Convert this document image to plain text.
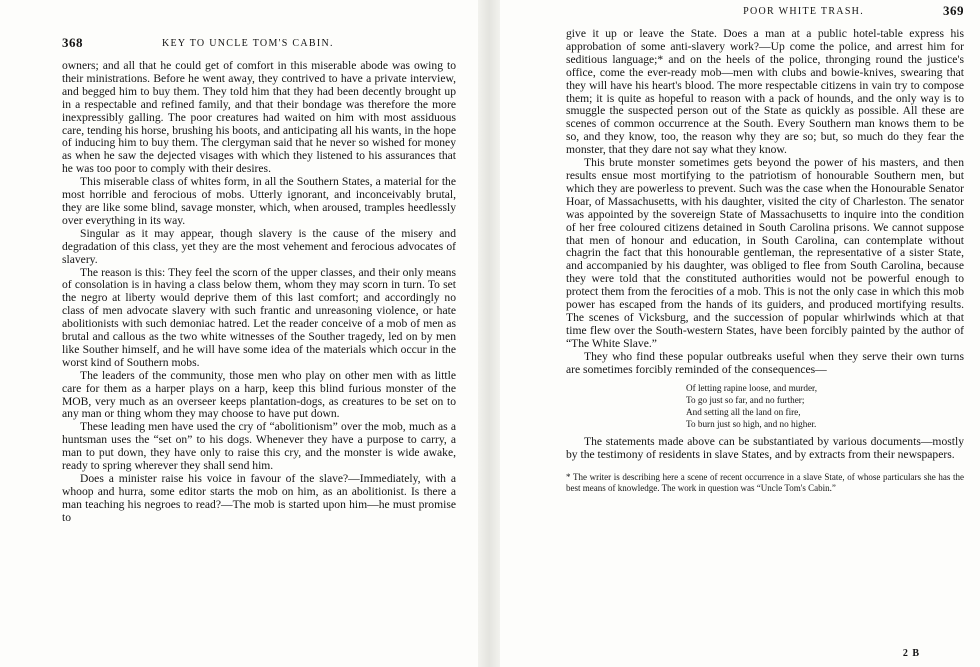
368	KEY TO UNCLE TOM'S CABIN.

owners; and all that he could get of comfort in this miserable abode was owing to their ministrations. Before he went away, they contrived to have a private interview, and begged him to buy them. They told him that they had been decently brought up in a respectable and refined family, and that their bondage was therefore the more inexpressibly galling. The poor creatures had waited on him with most assiduous care, tending his horse, brushing his boots, and anticipating all his wants, in the hope of inducing him to buy them. The clergyman said that he never so wished for money as when he saw the dejected visages with which they listened to his assurances that he was too poor to comply with their desires.

This miserable class of whites form, in all the Southern States, a material for the most horrible and ferocious of mobs. Utterly ignorant, and inconceivably brutal, they are like some blind, savage monster, which, when aroused, tramples heedlessly over everything in its way.

Singular as it may appear, though slavery is the cause of the misery and degradation of this class, yet they are the most vehement and ferocious advocates of slavery.

The reason is this: They feel the scorn of the upper classes, and their only means of consolation is in having a class below them, whom they may scorn in turn. To set the negro at liberty would deprive them of this last comfort; and accordingly no class of men advocate slavery with such frantic and unreasoning violence, or hate abolitionists with such demoniac hatred. Let the reader conceive of a mob of men as brutal and callous as the two white witnesses of the Souther tragedy, led on by men like Souther himself, and he will have some idea of the materials which occur in the worst kind of Southern mobs.

The leaders of the community, those men who play on other men with as little care for them as a harper plays on a harp, keep this blind furious monster of the MOB, very much as an overseer keeps plantation-dogs, as creatures to be set on to any man or thing whom they may choose to have put down.

These leading men have used the cry of “abolitionism” over the mob, much as a huntsman uses the “set on” to his dogs. Whenever they have a purpose to carry, a man to put down, they have only to raise this cry, and the monster is wide awake, ready to spring wherever they shall send him.

Does a minister raise his voice in favour of the slave?—Immediately, with a whoop and hurra, some editor starts the mob on him, as an abolitionist. Is there a man teaching his negroes to read?—The mob is started upon him—he must promise to

POOR WHITE TRASH.	369

give it up or leave the State. Does a man at a public hotel-table express his approbation of some anti-slavery work?—Up come the police, and arrest him for seditious language;* and on the heels of the police, thronging round the justice's office, come the ever-ready mob—men with clubs and bowie-knives, swearing that they will have his heart's blood. The more respectable citizens in vain try to compose them; it is quite as hopeful to reason with a pack of hounds, and the only way is to smuggle the suspected person out of the State as quickly as possible. All these are scenes of common occurrence at the South. Every Southern man knows them to be so, and they know, too, the reason why they are so; but, so much do they fear the monster, that they dare not say what they know.

This brute monster sometimes gets beyond the power of his masters, and then results ensue most mortifying to the patriotism of honourable Southern men, but which they are powerless to prevent. Such was the case when the Honourable Senator Hoar, of Massachusetts, with his daughter, visited the city of Charleston. The senator was appointed by the sovereign State of Massachusetts to inquire into the condition of her free coloured citizens detained in South Carolina prisons. We cannot suppose that men of honour and education, in South Carolina, can contemplate without chagrin the fact that this honourable gentleman, the representative of a sister State, and accompanied by his daughter, was obliged to flee from South Carolina, because they were told that the constituted authorities would not be powerful enough to protect them from the ferocities of a mob. This is not the only case in which this mob power has escaped from the hands of its guiders, and produced mortifying results. The scenes of Vicksburg, and the succession of popular whirlwinds which at that time flew over the South-western States, have been forcibly painted by the author of “The White Slave.”

They who find these popular outbreaks useful when they serve their own turns are sometimes forcibly reminded of the consequences—

Of letting rapine loose, and murder,
To go just so far, and no further;
And setting all the land on fire,
To burn just so high, and no higher.

The statements made above can be substantiated by various documents—mostly by the testimony of residents in slave States, and by extracts from their newspapers.

* The writer is describing here a scene of recent occurrence in a slave State, of whose particulars she has the best means of knowledge. The work in question was “Uncle Tom's Cabin.”
2 B
